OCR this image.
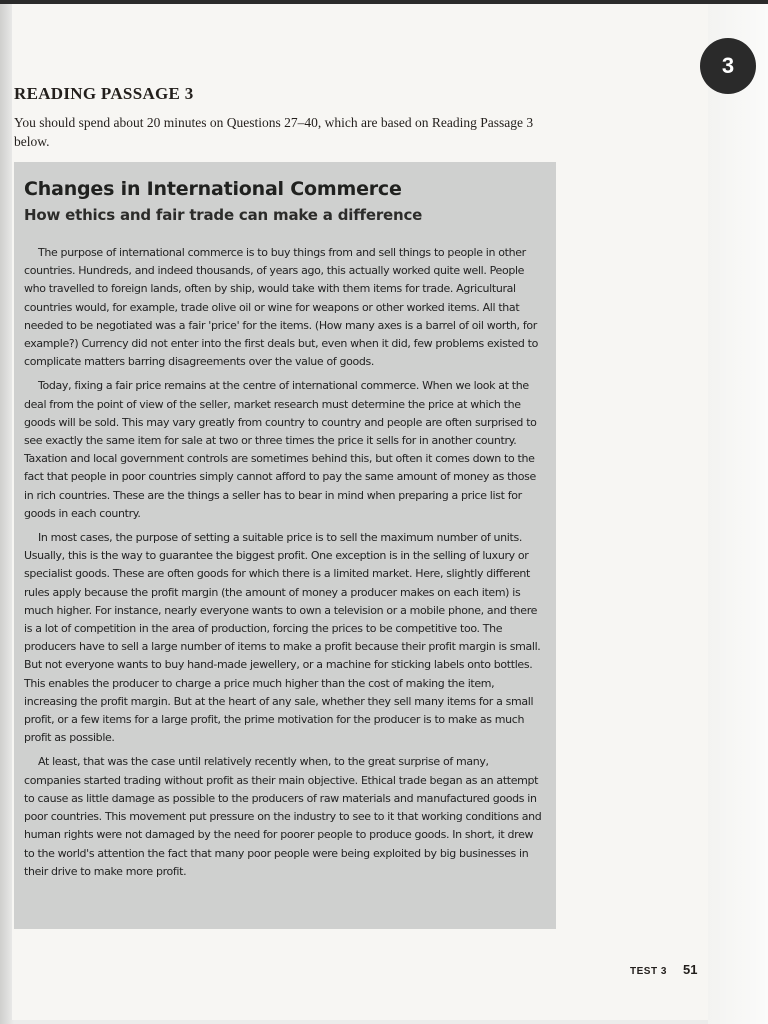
3
READING PASSAGE 3
You should spend about 20 minutes on Questions 27–40, which are based on Reading Passage 3 below.
Changes in International Commerce
How ethics and fair trade can make a difference

The purpose of international commerce is to buy things from and sell things to people in other countries. Hundreds, and indeed thousands, of years ago, this actually worked quite well. People who travelled to foreign lands, often by ship, would take with them items for trade. Agricultural countries would, for example, trade olive oil or wine for weapons or other worked items. All that needed to be negotiated was a fair 'price' for the items. (How many axes is a barrel of oil worth, for example?) Currency did not enter into the first deals but, even when it did, few problems existed to complicate matters barring disagreements over the value of goods.

Today, fixing a fair price remains at the centre of international commerce. When we look at the deal from the point of view of the seller, market research must determine the price at which the goods will be sold. This may vary greatly from country to country and people are often surprised to see exactly the same item for sale at two or three times the price it sells for in another country. Taxation and local government controls are sometimes behind this, but often it comes down to the fact that people in poor countries simply cannot afford to pay the same amount of money as those in rich countries. These are the things a seller has to bear in mind when preparing a price list for goods in each country.

In most cases, the purpose of setting a suitable price is to sell the maximum number of units. Usually, this is the way to guarantee the biggest profit. One exception is in the selling of luxury or specialist goods. These are often goods for which there is a limited market. Here, slightly different rules apply because the profit margin (the amount of money a producer makes on each item) is much higher. For instance, nearly everyone wants to own a television or a mobile phone, and there is a lot of competition in the area of production, forcing the prices to be competitive too. The producers have to sell a large number of items to make a profit because their profit margin is small. But not everyone wants to buy hand-made jewellery, or a machine for sticking labels onto bottles. This enables the producer to charge a price much higher than the cost of making the item, increasing the profit margin. But at the heart of any sale, whether they sell many items for a small profit, or a few items for a large profit, the prime motivation for the producer is to make as much profit as possible.

At least, that was the case until relatively recently when, to the great surprise of many, companies started trading without profit as their main objective. Ethical trade began as an attempt to cause as little damage as possible to the producers of raw materials and manufactured goods in poor countries. This movement put pressure on the industry to see to it that working conditions and human rights were not damaged by the need for poorer people to produce goods. In short, it drew to the world's attention the fact that many poor people were being exploited by big businesses in their drive to make more profit.

TEST 3 51
